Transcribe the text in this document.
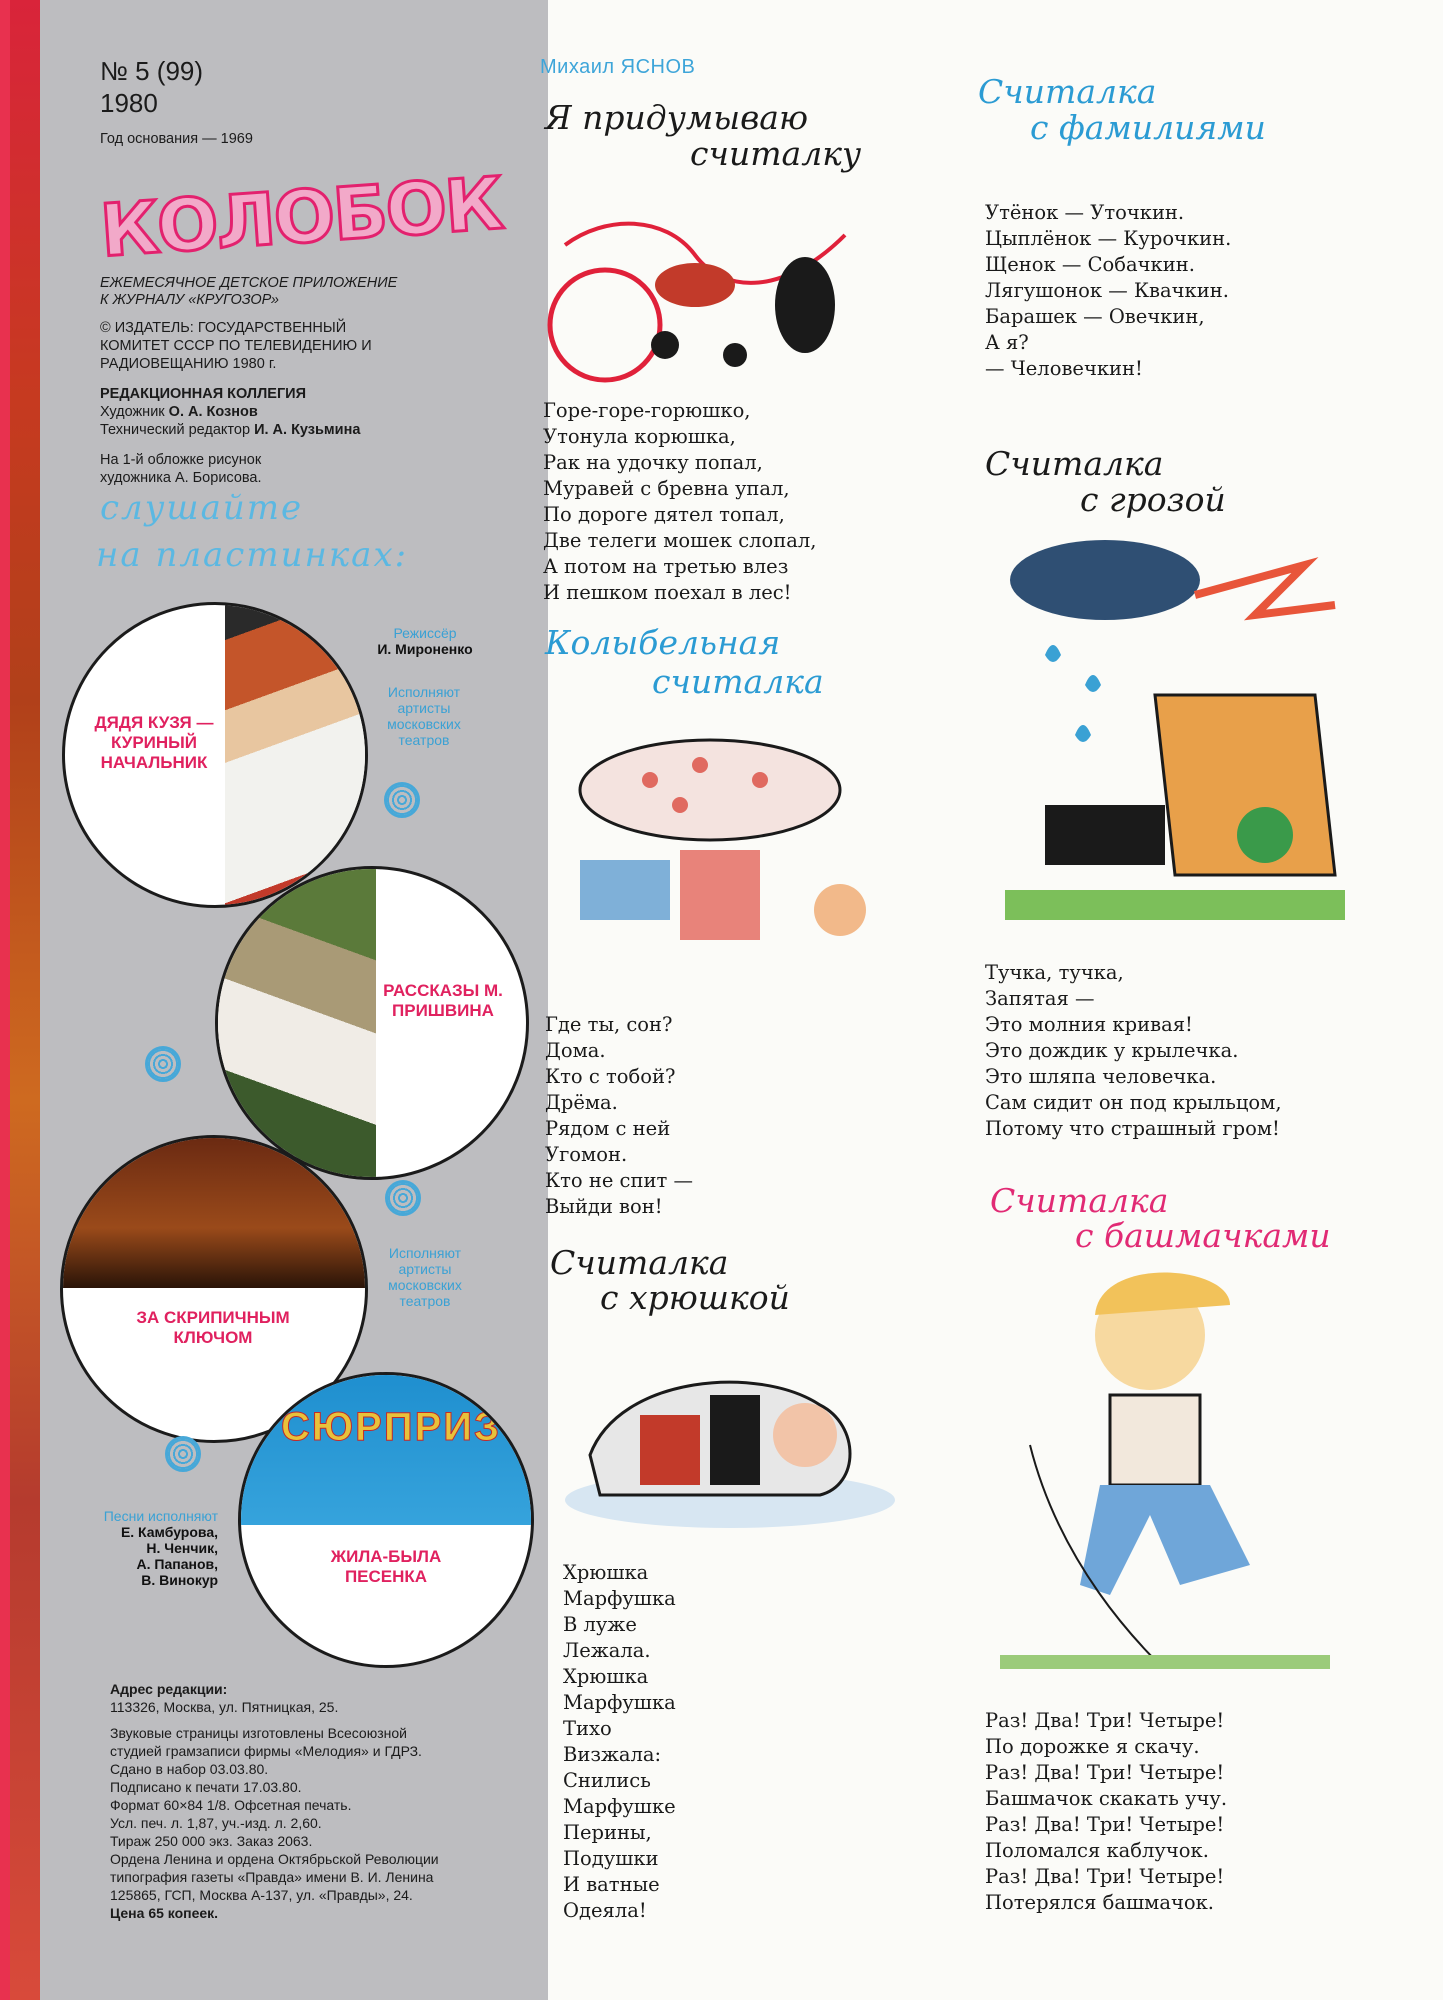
№ 5 (99)
1980
Год основания — 1969
КОЛОБОК
ЕЖЕМЕСЯЧНОЕ ДЕТСКОЕ ПРИЛОЖЕНИЕ
К ЖУРНАЛУ «КРУГОЗОР»
© ИЗДАТЕЛЬ: ГОСУДАРСТВЕННЫЙ
КОМИТЕТ СССР ПО ТЕЛЕВИДЕНИЮ И
РАДИОВЕЩАНИЮ 1980 г.
РЕДАКЦИОННАЯ КОЛЛЕГИЯ
Художник О. А. Кознов
Технический редактор И. А. Кузьмина
На 1-й обложке рисунок
художника А. Борисова.
слушайте
на пластинках:
ДЯДЯ КУЗЯ — КУРИНЫЙ НАЧАЛЬНИК
Режиссёр
И. Мироненко
Исполняют артисты московских театров
РАССКАЗЫ М. ПРИШВИНА
ЗА СКРИПИЧНЫМ КЛЮЧОМ
Исполняют артисты московских театров
СЮРПРИЗ
ЖИЛА-БЫЛА ПЕСЕНКА
Песни исполняют
Е. Камбурова,
Н. Ченчик,
А. Папанов,
В. Винокур
Адрес редакции:
113326, Москва, ул. Пятницкая, 25.
Звуковые страницы изготовлены Всесоюзной
студией грамзаписи фирмы «Мелодия» и ГДРЗ.
Сдано в набор 03.03.80.
Подписано к печати 17.03.80.
Формат 60×84 1/8. Офсетная печать.
Усл. печ. л. 1,87, уч.-изд. л. 2,60.
Тираж 250 000 экз. Заказ 2063.
Ордена Ленина и ордена Октябрьской Революции
типография газеты «Правда» имени В. И. Ленина
125865, ГСП, Москва А-137, ул. «Правды», 24.
Цена 65 копеек.
Михаил ЯСНОВ
Я придумываю
считалку
Горе-горе-горюшко,
Утонула корюшка,
Рак на удочку попал,
Муравей с бревна упал,
По дороге дятел топал,
Две телеги мошек слопал,
А потом на третью влез
И пешком поехал в лес!
Колыбельная
считалка
Где ты, сон?
Дома.
Кто с тобой?
Дрёма.
Рядом с ней
Угомон.
Кто не спит —
Выйди вон!
Считалка
с хрюшкой
Хрюшка
Марфушка
В луже
Лежала.
Хрюшка
Марфушка
Тихо
Визжала:
Снились
Марфушке
Перины,
Подушки
И ватные
Одеяла!
Считалка
с фамилиями
Утёнок — Уточкин.
Цыплёнок — Курочкин.
Щенок — Собачкин.
Лягушонок — Квачкин.
Барашек — Овечкин,
А я?
— Человечкин!
Считалка
с грозой
Тучка, тучка,
Запятая —
Это молния кривая!
Это дождик у крылечка.
Это шляпа человечка.
Сам сидит он под крыльцом,
Потому что страшный гром!
Считалка
с башмачками
Раз! Два! Три! Четыре!
По дорожке я скачу.
Раз! Два! Три! Четыре!
Башмачок скакать учу.
Раз! Два! Три! Четыре!
Поломался каблучок.
Раз! Два! Три! Четыре!
Потерялся башмачок.
